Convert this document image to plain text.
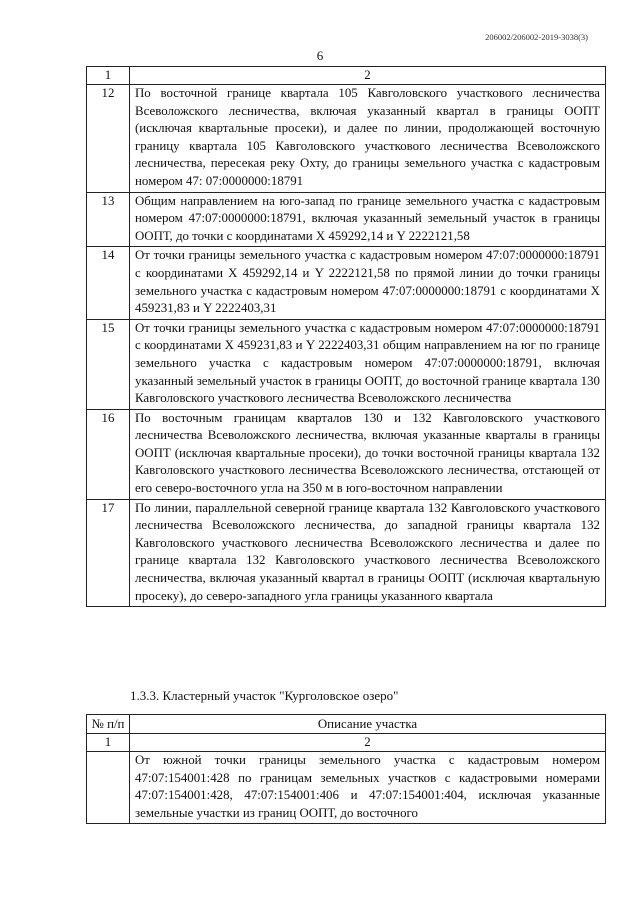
206002/206002-2019-3038(3)
6
1	2
12	По восточной границе квартала 105 Кавголовского участкового лесничества Всеволожского лесничества, включая указанный квартал в границы ООПТ (исключая квартальные просеки), и далее по линии, продолжающей восточную границу квартала 105 Кавголовского участкового лесничества Всеволожского лесничества, пересекая реку Охту, до границы земельного участка с кадастровым номером 47: 07:0000000:18791
13	Общим направлением на юго-запад по границе земельного участка с кадастровым номером 47:07:0000000:18791, включая указанный земельный участок в границы ООПТ, до точки с координатами X 459292,14 и Y 2222121,58
14	От точки границы земельного участка с кадастровым номером 47:07:0000000:18791 с координатами X 459292,14 и Y 2222121,58 по прямой линии до точки границы земельного участка с кадастровым номером 47:07:0000000:18791 с координатами X 459231,83 и Y 2222403,31
15	От точки границы земельного участка с кадастровым номером 47:07:0000000:18791 с координатами X 459231,83 и Y 2222403,31 общим направлением на юг по границе земельного участка с кадастровым номером 47:07:0000000:18791, включая указанный земельный участок в границы ООПТ, до восточной границе квартала 130 Кавголовского участкового лесничества Всеволожского лесничества
16	По восточным границам кварталов 130 и 132 Кавголовского участкового лесничества Всеволожского лесничества, включая указанные кварталы в границы ООПТ (исключая квартальные просеки), до точки восточной границы квартала 132 Кавголовского участкового лесничества Всеволожского лесничества, отстающей от его северо-восточного угла на 350 м в юго-восточном направлении
17	По линии, параллельной северной границе квартала 132 Кавголовского участкового лесничества Всеволожского лесничества, до западной границы квартала 132 Кавголовского участкового лесничества Всеволожского лесничества и далее по границе квартала 132 Кавголовского участкового лесничества Всеволожского лесничества, включая указанный квартал в границы ООПТ (исключая квартальную просеку), до северо-западного угла границы указанного квартала
1.3.3. Кластерный участок "Курголовское озеро"
№ п/п	Описание участка
1	2
	От южной точки границы земельного участка с кадастровым номером 47:07:154001:428 по границам земельных участков с кадастровыми номерами 47:07:154001:428, 47:07:154001:406 и 47:07:154001:404, исключая указанные земельные участки из границ ООПТ, до восточного
